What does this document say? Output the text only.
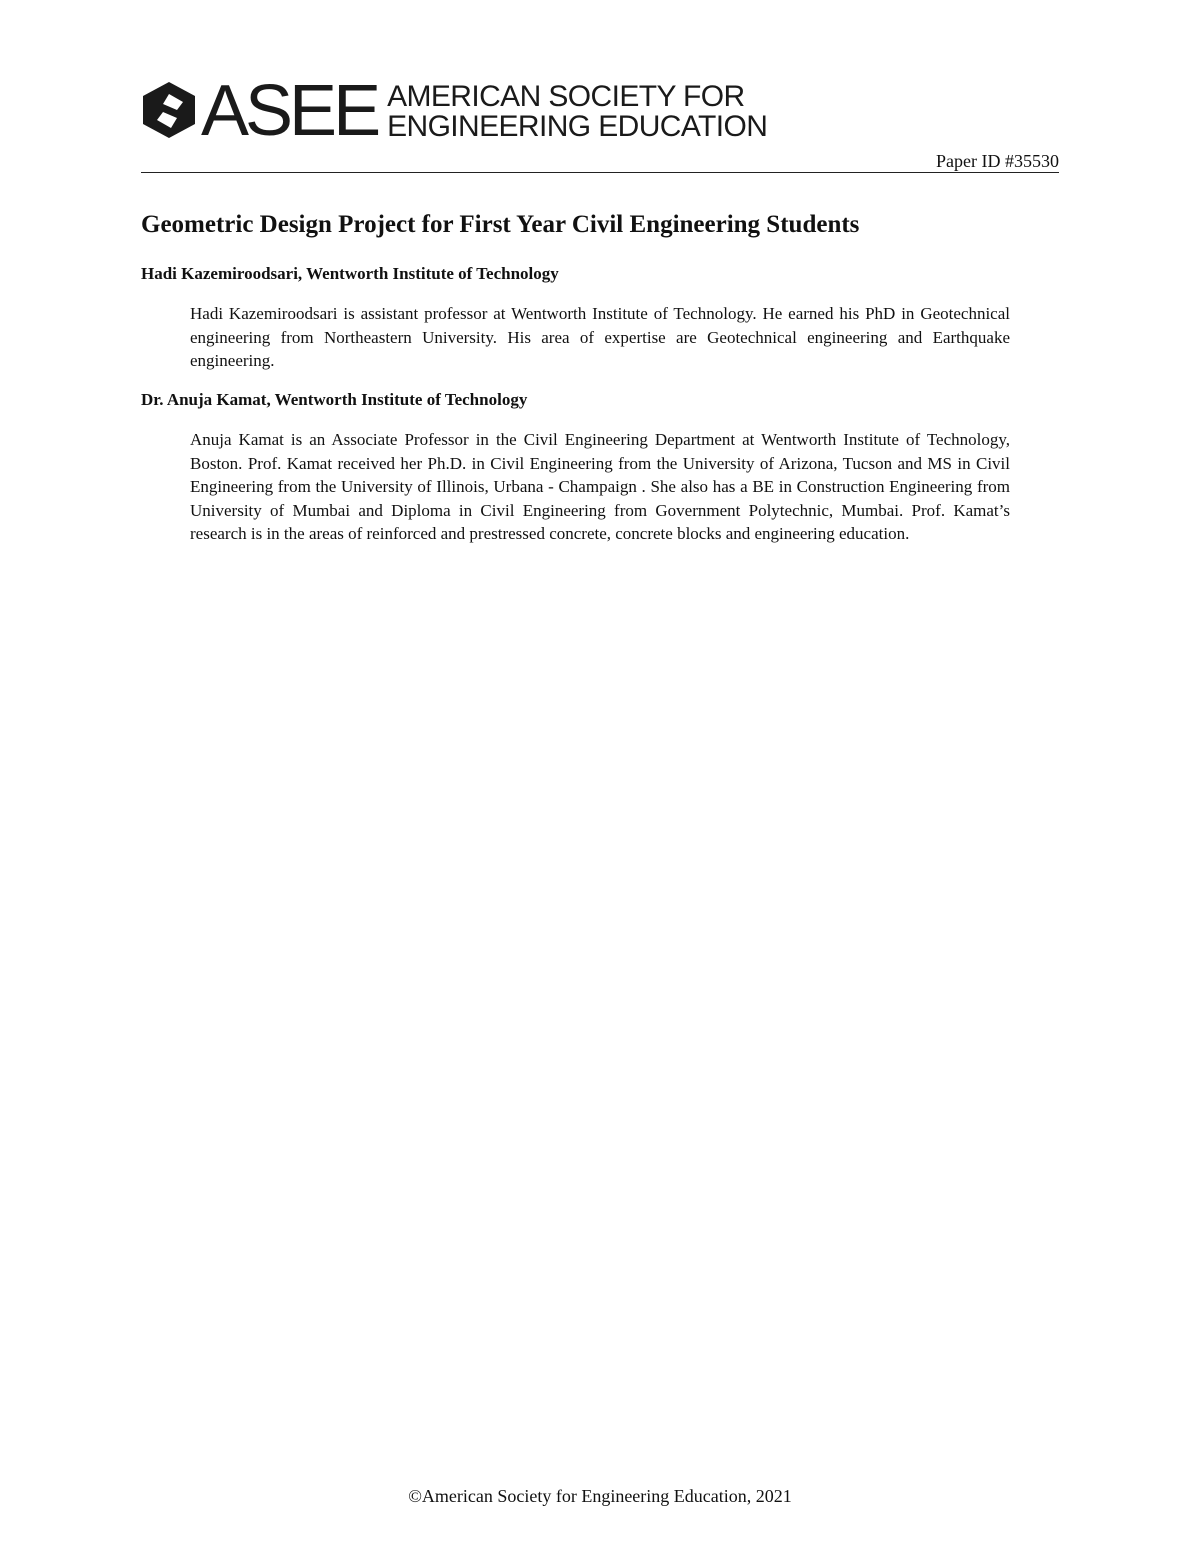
ASEE AMERICAN SOCIETY FOR
ENGINEERING EDUCATION
Paper ID #35530
Geometric Design Project for First Year Civil Engineering Students
Hadi Kazemiroodsari, Wentworth Institute of Technology

Hadi Kazemiroodsari is assistant professor at Wentworth Institute of Technology. He earned his PhD in Geotechnical engineering from Northeastern University. His area of expertise are Geotechnical engineering and Earthquake engineering.

Dr. Anuja Kamat, Wentworth Institute of Technology

Anuja Kamat is an Associate Professor in the Civil Engineering Department at Wentworth Institute of Technology, Boston. Prof. Kamat received her Ph.D. in Civil Engineering from the University of Arizona, Tucson and MS in Civil Engineering from the University of Illinois, Urbana - Champaign . She also has a BE in Construction Engineering from University of Mumbai and Diploma in Civil Engineering from Government Polytechnic, Mumbai. Prof. Kamat’s research is in the areas of reinforced and prestressed concrete, concrete blocks and engineering education.

©American Society for Engineering Education, 2021
